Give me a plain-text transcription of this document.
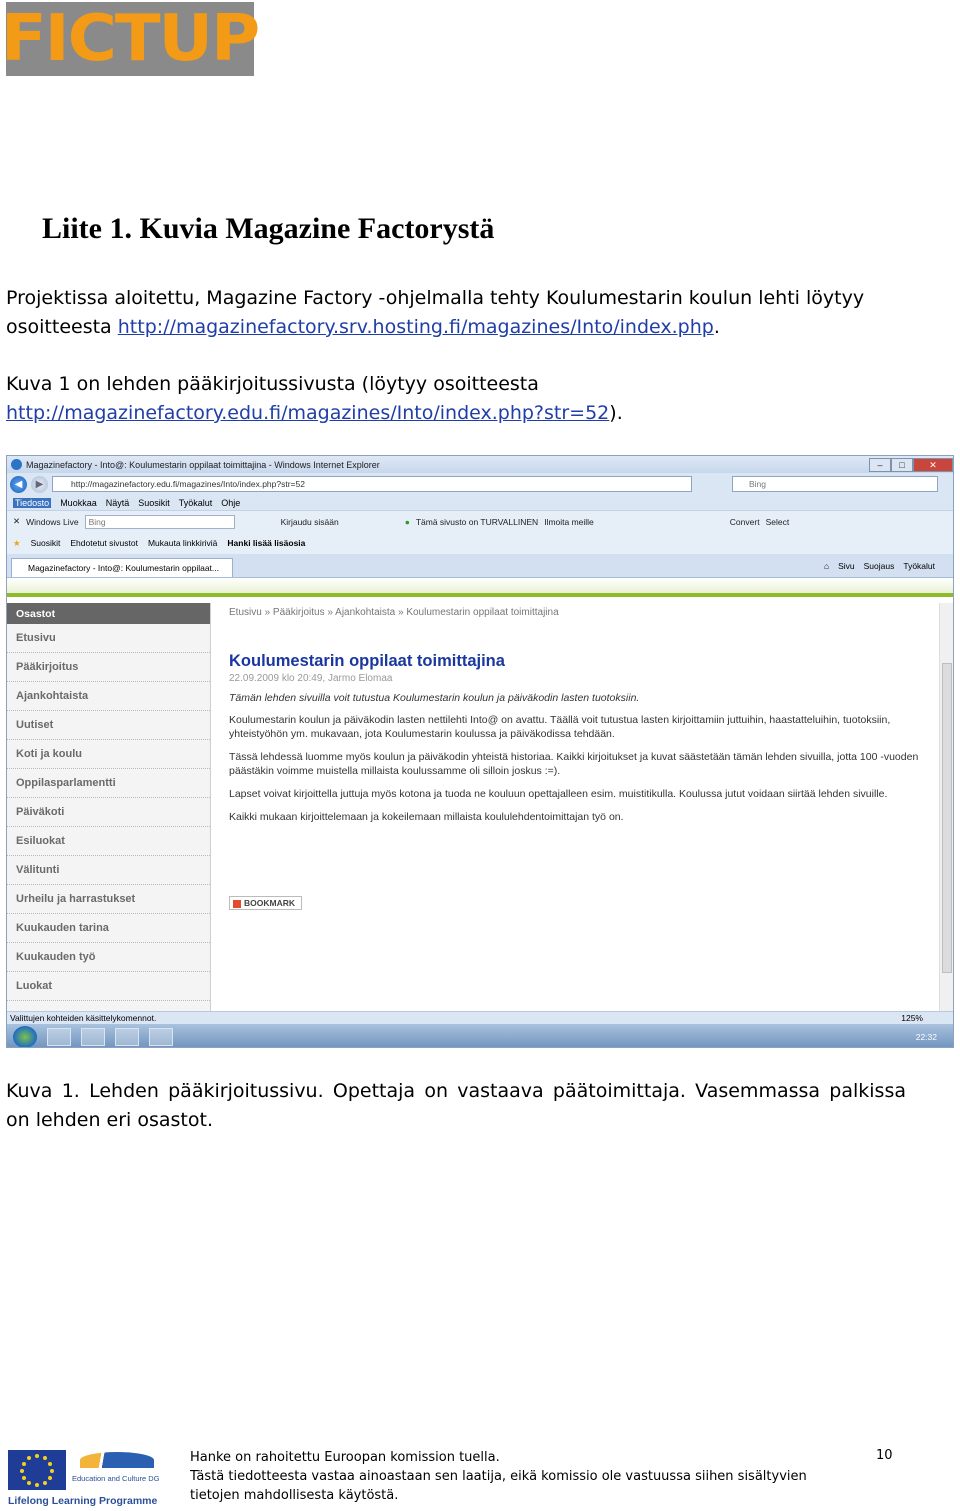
FICTUP
Liite 1. Kuvia Magazine Factorystä

Projektissa aloitettu, Magazine Factory -ohjelmalla tehty Koulumestarin koulun lehti löytyy osoitteesta http://magazinefactory.srv.hosting.fi/magazines/Into/index.php.

Kuva 1 on lehden pääkirjoitussivusta (löytyy osoitteesta
http://magazinefactory.edu.fi/magazines/Into/index.php?str=52).

Magazinefactory - Into@: Koulumestarin oppilaat toimittajina - Windows Internet Explorer	–	□	✕
◀	▶	http://magazinefactory.edu.fi/magazines/Into/index.php?str=52	Bing
Tiedosto Muokkaa Näytä Suosikit Työkalut Ohje
✕ Windows Live	Bing	Kirjaudu sisään	● Tämä sivusto on TURVALLINEN Ilmoita meille	Convert Select
★ Suosikit Ehdotetut sivustot Mukauta linkkiriviä Hanki lisää lisäosia
Magazinefactory - Into@: Koulumestarin oppilaat...	⌂ Sivu Suojaus Työkalut
Osastot
Etusivu
Pääkirjoitus
Ajankohtaista
Uutiset
Koti ja koulu
Oppilasparlamentti
Päiväkoti
Esiluokat
Välitunti
Urheilu ja harrastukset
Kuukauden tarina
Kuukauden työ
Luokat
Etusivu » Pääkirjoitus » Ajankohtaista » Koulumestarin oppilaat toimittajina
Koulumestarin oppilaat toimittajina
22.09.2009 klo 20:49, Jarmo Elomaa
Tämän lehden sivuilla voit tutustua Koulumestarin koulun ja päiväkodin lasten tuotoksiin.
Koulumestarin koulun ja päiväkodin lasten nettilehti Into@ on avattu. Täällä voit tutustua lasten kirjoittamiin juttuihin, haastatteluihin, tuotoksiin, yhteistyöhön ym. mukavaan, jota Koulumestarin koulussa ja päiväkodissa tehdään.
Tässä lehdessä luomme myös koulun ja päiväkodin yhteistä historiaa. Kaikki kirjoitukset ja kuvat säästetään tämän lehden sivuilla, jotta 100 -vuoden päästäkin voimme muistella millaista koulussamme oli silloin joskus :=).
Lapset voivat kirjoittella juttuja myös kotona ja tuoda ne kouluun opettajalleen esim. muistitikulla. Koulussa jutut voidaan siirtää lehden sivuille.
Kaikki mukaan kirjoittelemaan ja kokeilemaan millaista koululehdentoimittajan työ on.
BOOKMARK
Valittujen kohteiden käsittelykomennot.	125%
22:32

Kuva 1. Lehden pääkirjoitussivu. Opettaja on vastaava päätoimittaja. Vasemmassa palkissa on lehden eri osastot.

Education and Culture DG
Lifelong Learning Programme
Hanke on rahoitettu Euroopan komission tuella.
Tästä tiedotteesta vastaa ainoastaan sen laatija, eikä komissio ole vastuussa siihen sisältyvien tietojen mahdollisesta käytöstä.
10
